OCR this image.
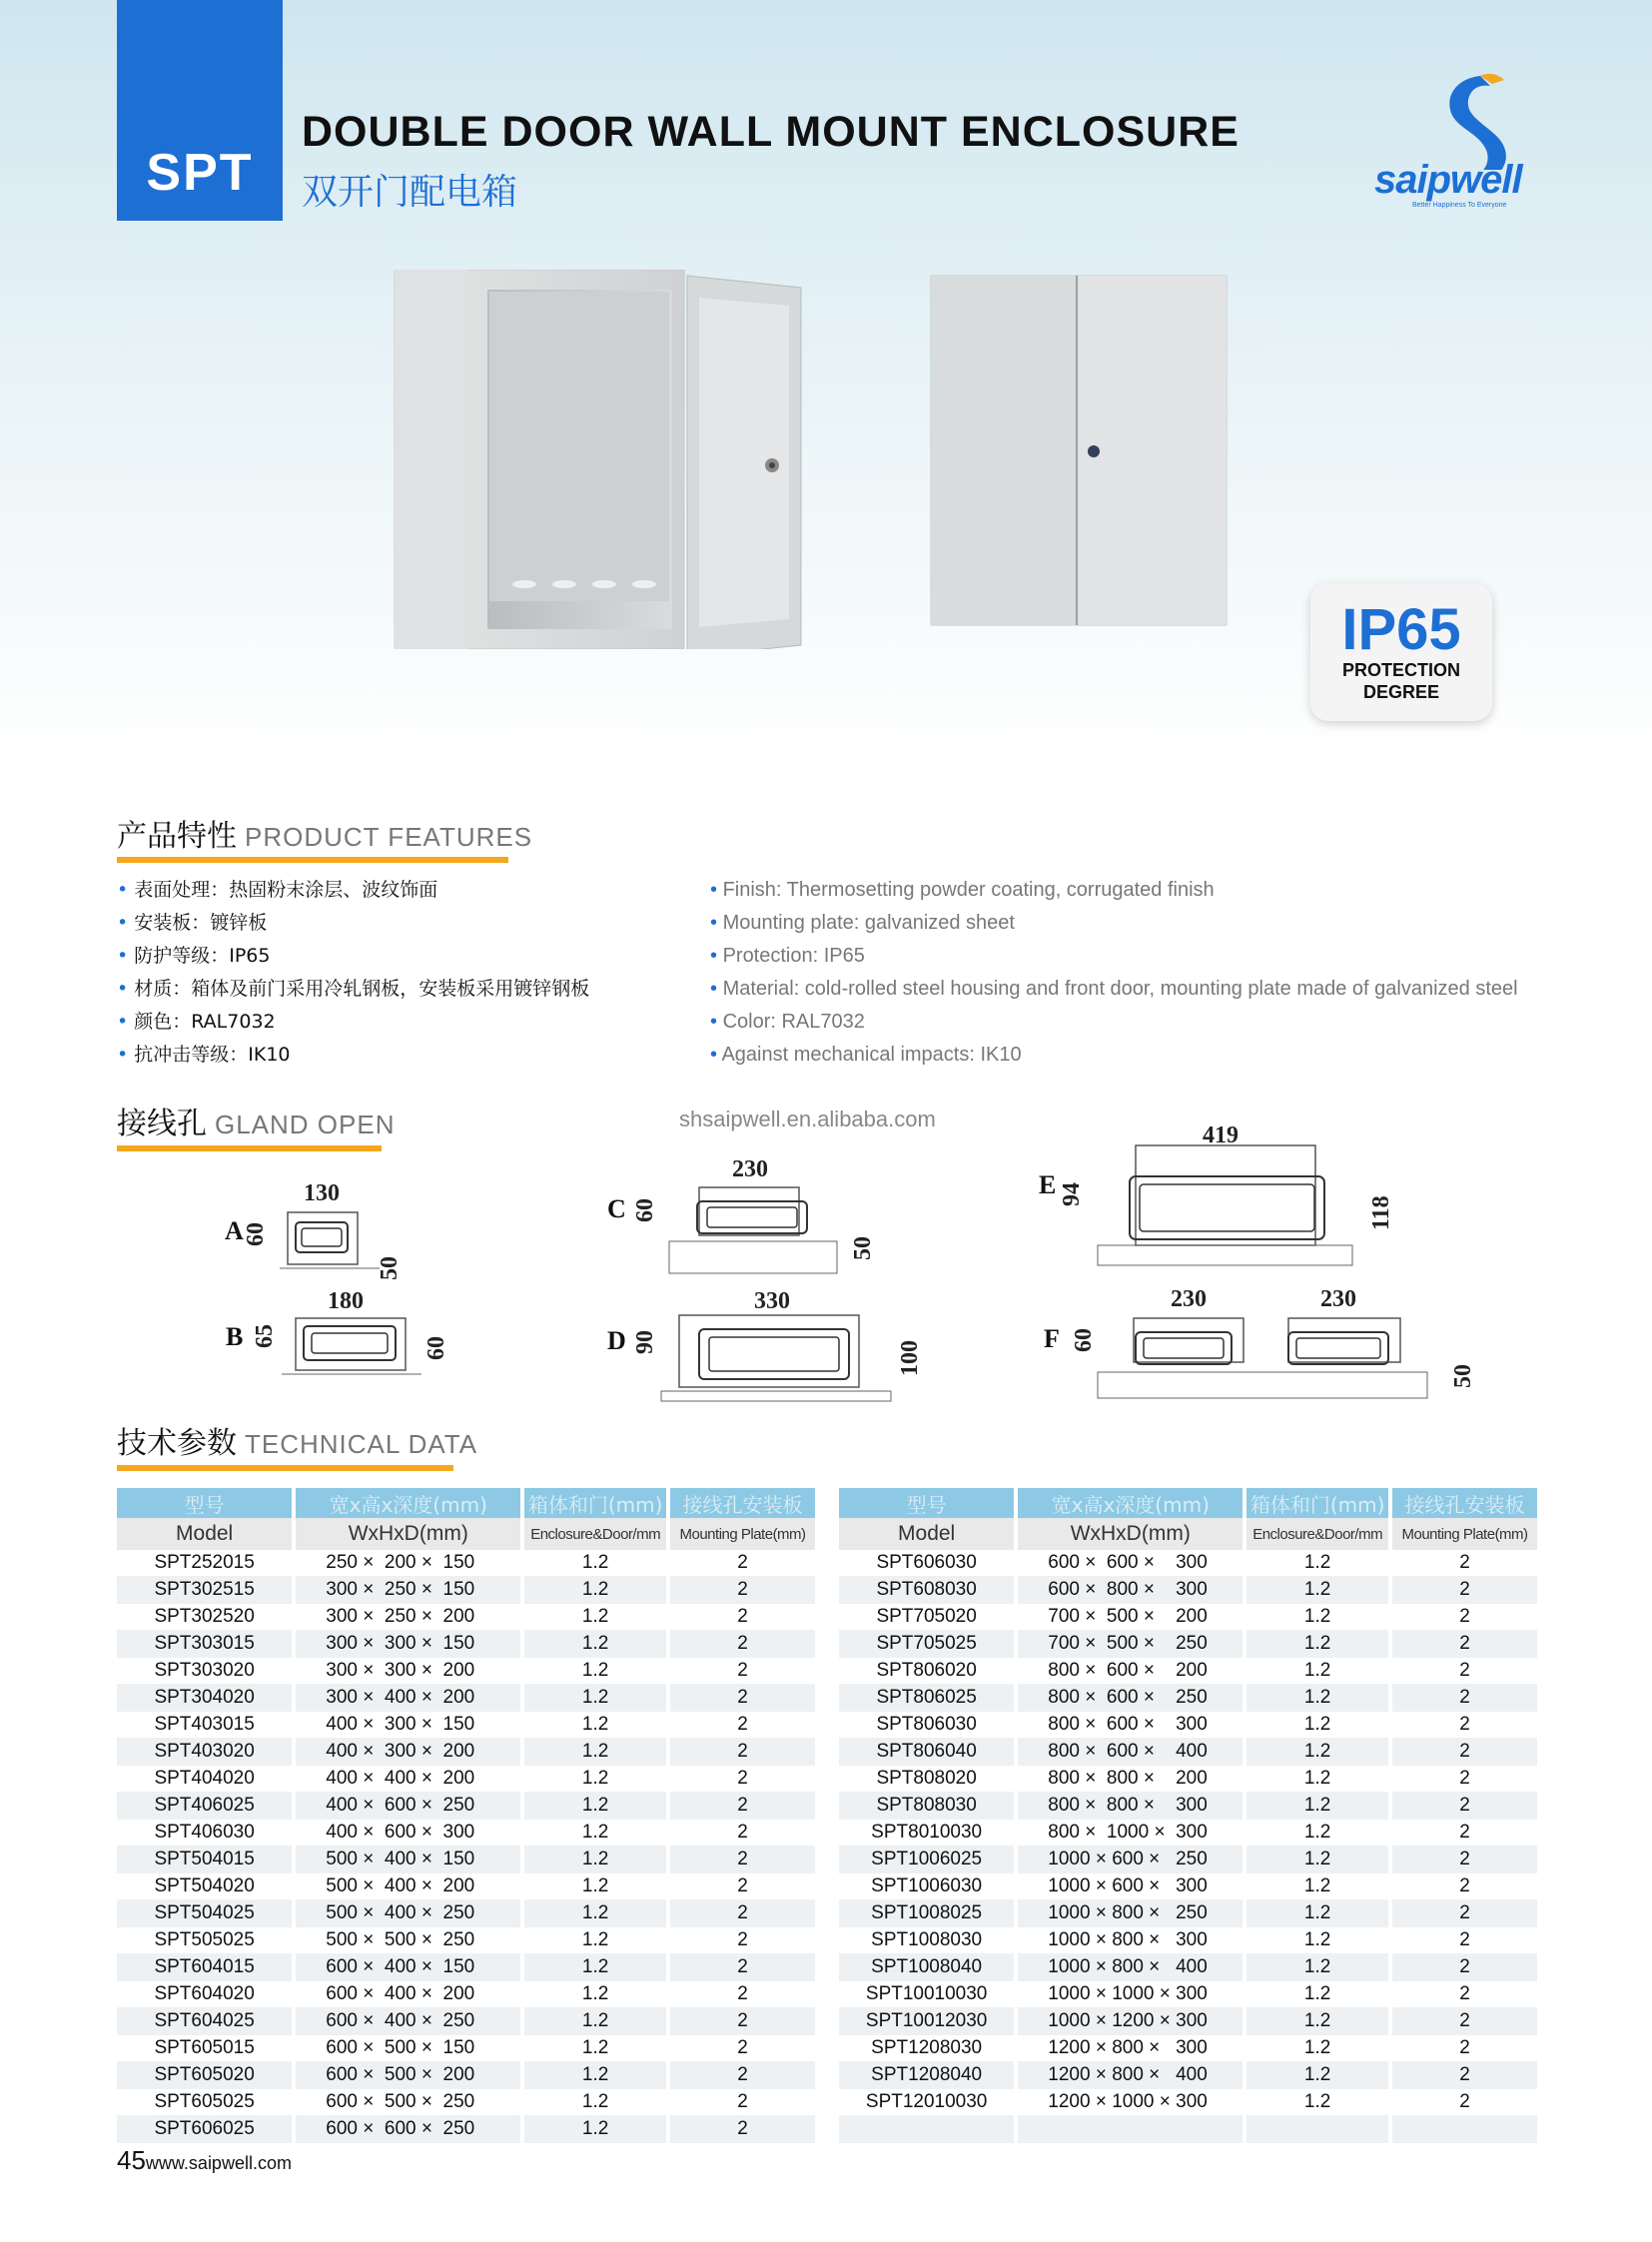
SPT
DOUBLE DOOR WALL MOUNT ENCLOSURE
双开门配电箱	saipwell
Better Happiness To Everyone
IP65
PROTECTION
DEGREE
产品特性 PRODUCT FEATURES
• 表面处理：热固粉末涂层、波纹饰面
• 安装板：镀锌板
• 防护等级：IP65
• 材质：箱体及前门采用冷轧钢板，安装板采用镀锌钢板
• 颜色：RAL7032
• 抗冲击等级：IK10
• Finish: Thermosetting powder coating, corrugated finish
• Mounting plate: galvanized sheet
• Protection: IP65
• Material: cold-rolled steel housing and front door, mounting plate made of galvanized steel
• Color: RAL7032
• Against mechanical impacts: IK10
接线孔 GLAND OPEN	shsaipwell.en.alibaba.com
130
A 60
50
180
B 65	60
230
C 60
50
330
D 90	100
419
E 94
118
230	230
F 60
50
技术参数 TECHNICAL DATA
型号	宽x高x深度(mm)	箱体和门(mm)	接线孔安装板
Model	WxHxD(mm)	Enclosure&Door/mm	Mounting Plate(mm)
SPT252015	250 ×  200 ×  150	1.2	2
SPT302515	300 ×  250 ×  150	1.2	2
SPT302520	300 ×  250 ×  200	1.2	2
SPT303015	300 ×  300 ×  150	1.2	2
SPT303020	300 ×  300 ×  200	1.2	2
SPT304020	300 ×  400 ×  200	1.2	2
SPT403015	400 ×  300 ×  150	1.2	2
SPT403020	400 ×  300 ×  200	1.2	2
SPT404020	400 ×  400 ×  200	1.2	2
SPT406025	400 ×  600 ×  250	1.2	2
SPT406030	400 ×  600 ×  300	1.2	2
SPT504015	500 ×  400 ×  150	1.2	2
SPT504020	500 ×  400 ×  200	1.2	2
SPT504025	500 ×  400 ×  250	1.2	2
SPT505025	500 ×  500 ×  250	1.2	2
SPT604015	600 ×  400 ×  150	1.2	2
SPT604020	600 ×  400 ×  200	1.2	2
SPT604025	600 ×  400 ×  250	1.2	2
SPT605015	600 ×  500 ×  150	1.2	2
SPT605020	600 ×  500 ×  200	1.2	2
SPT605025	600 ×  500 ×  250	1.2	2
SPT606025	600 ×  600 ×  250	1.2	2
型号	宽x高x深度(mm)	箱体和门(mm)	接线孔安装板
Model	WxHxD(mm)	Enclosure&Door/mm	Mounting Plate(mm)
SPT606030	600 ×  600 ×    300	1.2	2
SPT608030	600 ×  800 ×    300	1.2	2
SPT705020	700 ×  500 ×    200	1.2	2
SPT705025	700 ×  500 ×    250	1.2	2
SPT806020	800 ×  600 ×    200	1.2	2
SPT806025	800 ×  600 ×    250	1.2	2
SPT806030	800 ×  600 ×    300	1.2	2
SPT806040	800 ×  600 ×    400	1.2	2
SPT808020	800 ×  800 ×    200	1.2	2
SPT808030	800 ×  800 ×    300	1.2	2
SPT8010030	800 ×  1000 ×  300	1.2	2
SPT1006025	1000 × 600 ×   250	1.2	2
SPT1006030	1000 × 600 ×   300	1.2	2
SPT1008025	1000 × 800 ×   250	1.2	2
SPT1008030	1000 × 800 ×   300	1.2	2
SPT1008040	1000 × 800 ×   400	1.2	2
SPT10010030	1000 × 1000 × 300	1.2	2
SPT10012030	1000 × 1200 × 300	1.2	2
SPT1208030	1200 × 800 ×   300	1.2	2
SPT1208040	1200 × 800 ×   400	1.2	2
SPT12010030	1200 × 1000 × 300	1.2	2

45www.saipwell.com
